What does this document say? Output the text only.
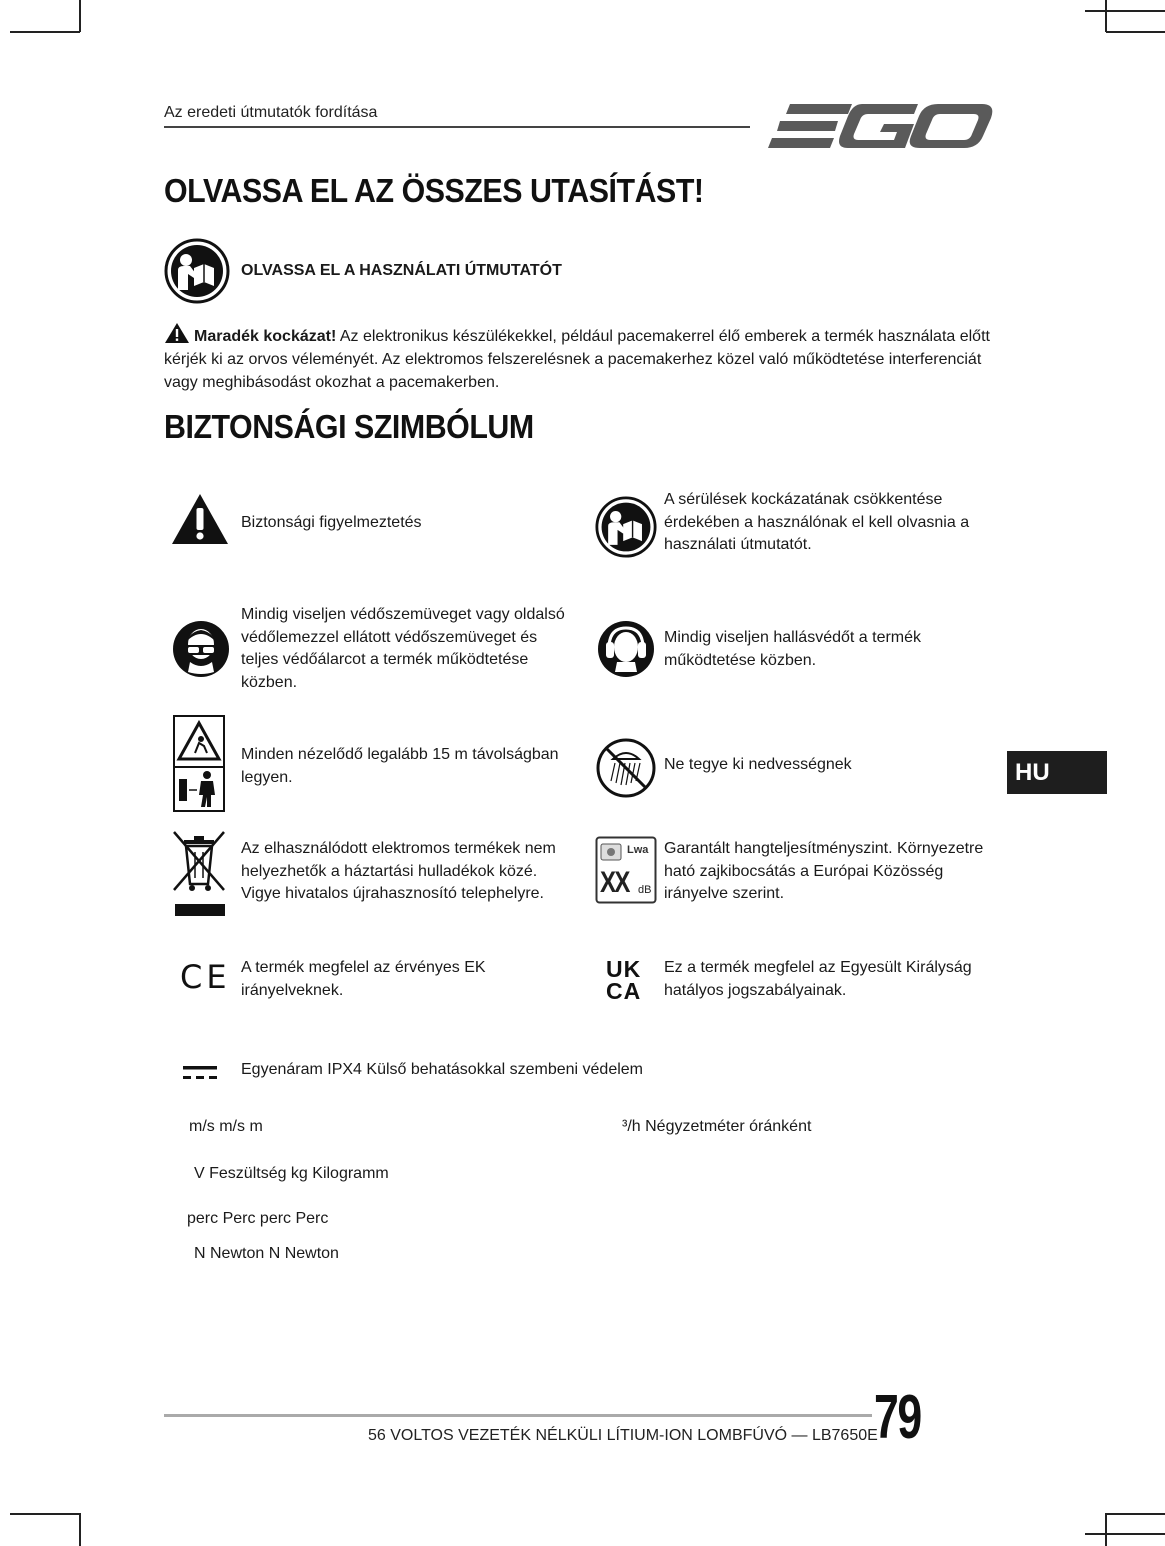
Az eredeti útmutatók fordítása
OLVASSA EL AZ ÖSSZES UTASÍTÁST!
OLVASSA EL A HASZNÁLATI ÚTMUTATÓT
Maradék kockázat! Az elektronikus készülékekkel, például pacemakerrel élő emberek a termék használata előtt kérjék ki az orvos véleményét. Az elektromos felszerelésnek a pacemakerhez közel való működtetése interferenciát vagy meghibásodást okozhat a pacemakerben.
BIZTONSÁGI SZIMBÓLUM
Biztonsági figyelmeztetés
A sérülések kockázatának csökkentése érdekében a használónak el kell olvasnia a használati útmutatót.
Mindig viseljen védőszemüveget vagy oldalsó védőlemezzel ellátott védőszemüveget és teljes védőálarcot a termék működtetése közben.
Mindig viseljen hallásvédőt a termék működtetése közben.
Minden nézelődő legalább 15 m távolságban legyen.
Ne tegye ki nedvességnek
Az elhasználódott elektromos termékek nem helyezhetők a háztartási hulladékok közé. Vigye hivatalos újrahasznosító telephelyre.
Lwa
XX dB
Garantált hangteljesítményszint. Környezetre ható zajkibocsátás a Európai Közösség irányelve szerint.
CE A termék megfelel az érvényes EK irányelveknek.
UK
CA
Ez a termék megfelel az Egyesült Királyság hatályos jogszabályainak.
Egyenáram IPX4 Külső behatásokkal szembeni védelem
m/s m/s m	³/h Négyzetméter óránként
V Feszültség kg Kilogramm
perc Perc perc Perc
N Newton N Newton
HU
56 VOLTOS VEZETÉK NÉLKÜLI LÍTIUM-ION LOMBFÚVÓ — LB7650E
79
